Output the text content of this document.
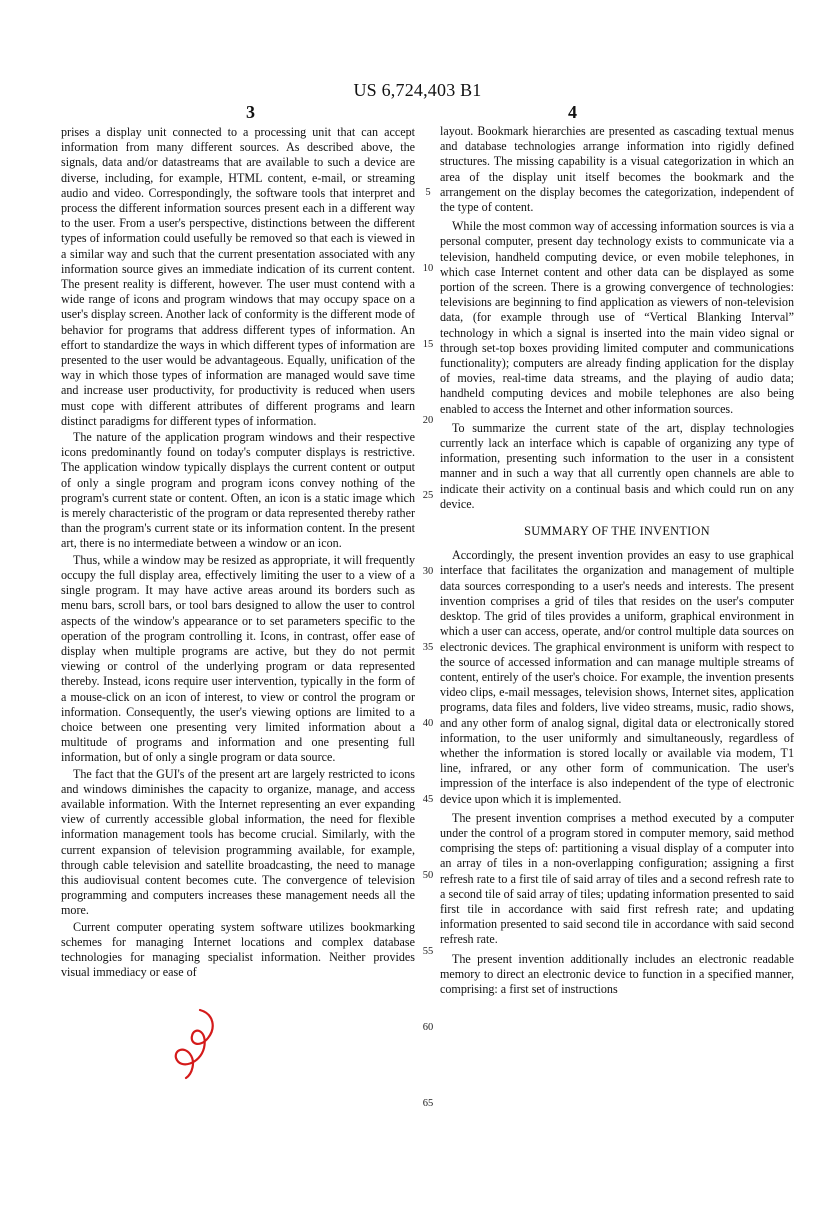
US 6,724,403 B1
3	4

prises a display unit connected to a processing unit that can accept information from many different sources. As described above, the signals, data and/or datastreams that are available to such a device are diverse, including, for example, HTML content, e-mail, or streaming audio and video. Correspondingly, the software tools that interpret and process the different information sources present each in a different way to the user. From a user's perspective, distinctions between the different types of information could usefully be removed so that each is viewed in a similar way and such that the current presentation associated with any information source gives an immediate indication of its current content. The present reality is different, however. The user must contend with a wide range of icons and program windows that may occupy space on a user's display screen. Another lack of conformity is the different mode of behavior for programs that address different types of information. An effort to standardize the ways in which different types of information are presented to the user would be advantageous. Equally, unification of the way in which those types of information are managed would save time and increase user productivity, for productivity is reduced when users must cope with different attributes of different programs and learn distinct paradigms for different types of information.

The nature of the application program windows and their respective icons predominantly found on today's computer displays is restrictive. The application window typically displays the current content or output of only a single program and program icons convey nothing of the program's current state or content. Often, an icon is a static image which is merely characteristic of the program or data represented thereby rather than the program's current state or its information content. In the present art, there is no intermediate between a window or an icon.

Thus, while a window may be resized as appropriate, it will frequently occupy the full display area, effectively limiting the user to a view of a single program. It may have active areas around its borders such as menu bars, scroll bars, or tool bars designed to allow the user to control aspects of the window's appearance or to set parameters specific to the operation of the program controlling it. Icons, in contrast, offer ease of display when multiple programs are active, but they do not permit viewing or control of the underlying program or data represented thereby. Instead, icons require user intervention, typically in the form of a mouse-click on an icon of interest, to view or control the program or information. Consequently, the user's viewing options are limited to a choice between one presenting very limited information about a multitude of programs and information and one presenting full information, but of only a single program or data source.

The fact that the GUI's of the present art are largely restricted to icons and windows diminishes the capacity to organize, manage, and access available information. With the Internet representing an ever expanding view of currently accessible global information, the need for flexible information management tools has become crucial. Similarly, with the current expansion of television programming available, for example, through cable television and satellite broadcasting, the need to manage this audiovisual content becomes cute. The convergence of television programming and computers increases these management needs all the more.

Current computer operating system software utilizes bookmarking schemes for managing Internet locations and complex database technologies for managing specialist information. Neither provides visual immediacy or ease of

layout. Bookmark hierarchies are presented as cascading textual menus and database technologies arrange information into rigidly defined structures. The missing capability is a visual categorization in which an area of the display unit itself becomes the bookmark and the arrangement on the display becomes the categorization, independent of the type of content.

While the most common way of accessing information sources is via a personal computer, present day technology exists to communicate via a television, handheld computing device, or even mobile telephones, in which case Internet content and other data can be displayed as some portion of the screen. There is a growing convergence of technologies: televisions are beginning to find application as viewers of non-television data, (for example through use of “Vertical Blanking Interval” technology in which a signal is inserted into the main video signal or through set-top boxes providing limited computer and communications functionality); computers are already finding application for the display of movies, real-time data streams, and the playing of audio data; handheld computing devices and mobile telephones are also being enabled to access the Internet and other information sources.

To summarize the current state of the art, display technologies currently lack an interface which is capable of organizing any type of information, presenting such information to the user in a consistent manner and in such a way that all currently open channels are able to indicate their activity on a continual basis and which could run on any device.

SUMMARY OF THE INVENTION

Accordingly, the present invention provides an easy to use graphical interface that facilitates the organization and management of multiple data sources corresponding to a user's needs and interests. The present invention comprises a grid of tiles that resides on the user's computer desktop. The grid of tiles provides a uniform, graphical environment in which a user can access, operate, and/or control multiple data sources on electronic devices. The graphical environment is uniform with respect to the source of accessed information and can manage multiple streams of content, entirely of the user's choice. For example, the invention presents video clips, e-mail messages, television shows, Internet sites, application programs, data files and folders, live video streams, music, radio shows, and any other form of analog signal, digital data or electronically stored information, to the user uniformly and simultaneously, regardless of whether the information is stored locally or available via modem, T1 line, infrared, or any other form of communication. The user's impression of the interface is also independent of the type of electronic device upon which it is implemented.

The present invention comprises a method executed by a computer under the control of a program stored in computer memory, said method comprising the steps of: partitioning a visual display of a computer into an array of tiles in a non-overlapping configuration; assigning a first refresh rate to a first tile of said array of tiles and a second refresh rate to a second tile of said array of tiles; updating information presented to said first tile in accordance with said first refresh rate; and updating information presented to said second tile in accordance with said second refresh rate.

The present invention additionally includes an electronic readable memory to direct an electronic device to function in a specified manner, comprising: a first set of instructions

5
10
15
20
25
30
35
40
45
50
55
60
65
